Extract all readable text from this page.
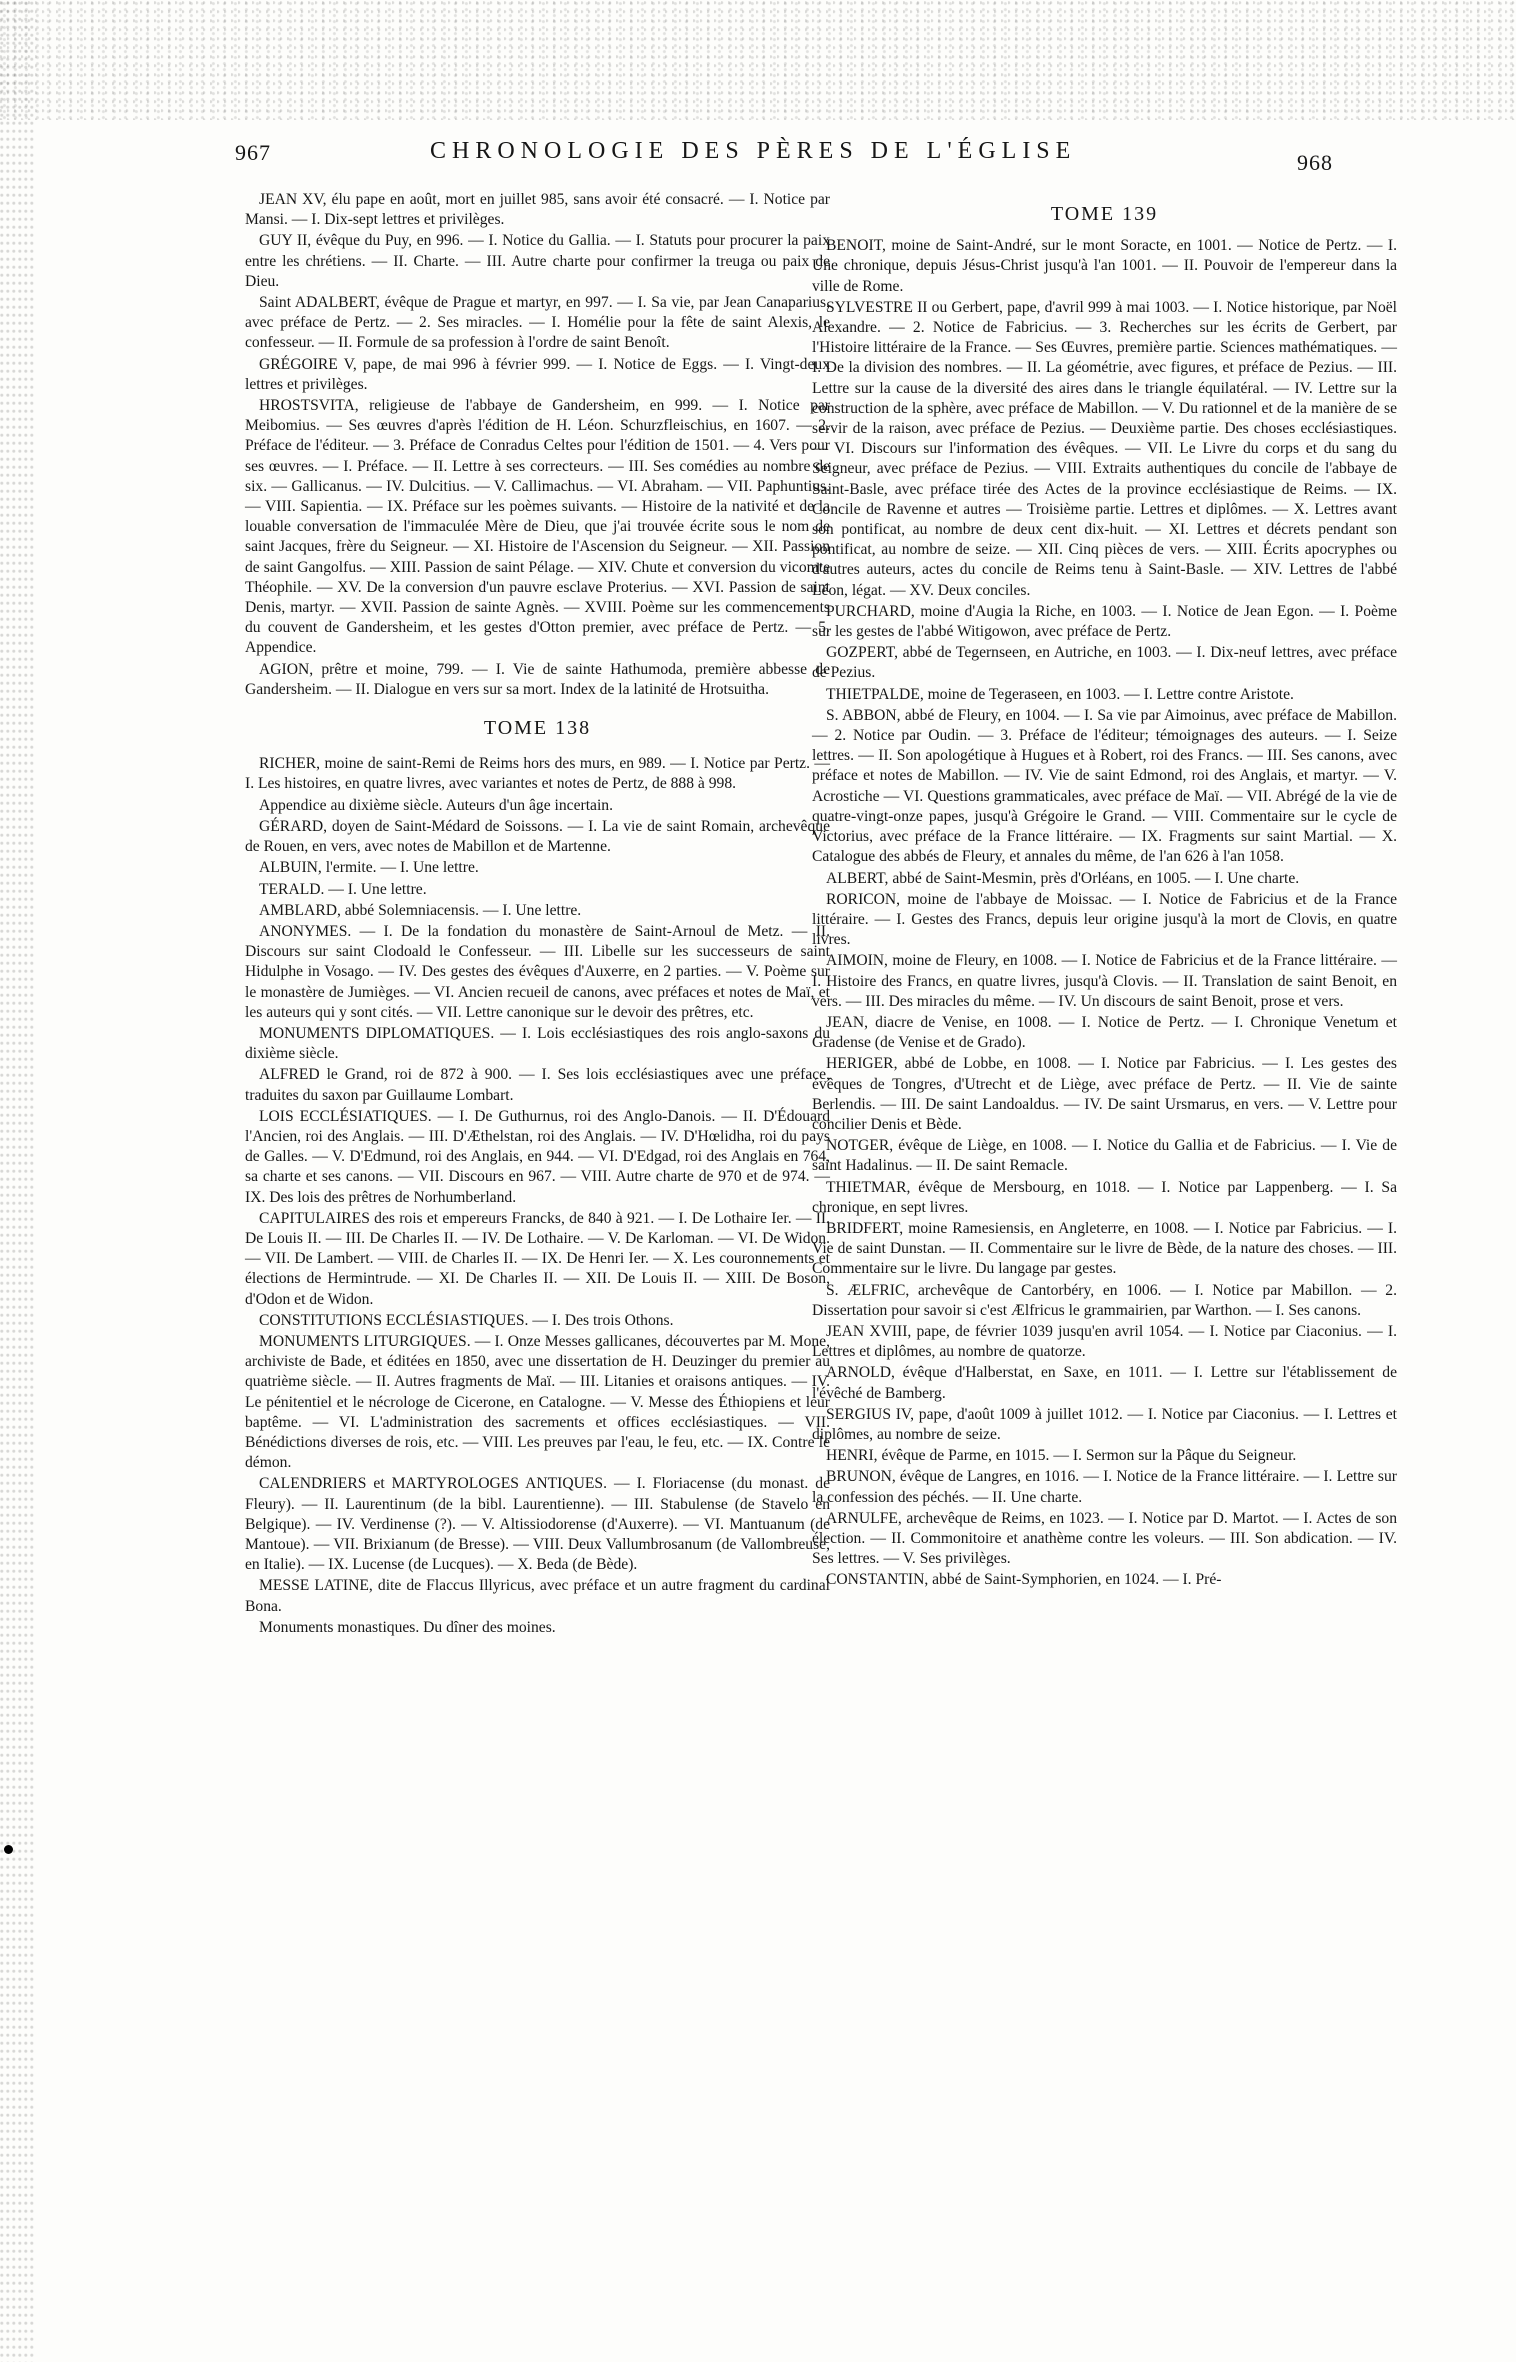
967	CHRONOLOGIE DES PÈRES DE L'ÉGLISE	968

JEAN XV, élu pape en août, mort en juillet 985, sans avoir été consacré. — I. Notice par Mansi. — I. Dix-sept lettres et privilèges.

GUY II, évêque du Puy, en 996. — I. Notice du Gallia. — I. Statuts pour procurer la paix entre les chrétiens. — II. Charte. — III. Autre charte pour confirmer la treuga ou paix de Dieu.

Saint ADALBERT, évêque de Prague et martyr, en 997. — I. Sa vie, par Jean Canaparius, avec préface de Pertz. — 2. Ses miracles. — I. Homélie pour la fête de saint Alexis, le confesseur. — II. Formule de sa profession à l'ordre de saint Benoît.

GRÉGOIRE V, pape, de mai 996 à février 999. — I. Notice de Eggs. — I. Vingt-deux lettres et privilèges.

HROSTSVITA, religieuse de l'abbaye de Gandersheim, en 999. — I. Notice par Meibomius. — Ses œuvres d'après l'édition de H. Léon. Schurzfleischius, en 1607. — 2. Préface de l'éditeur. — 3. Préface de Conradus Celtes pour l'édition de 1501. — 4. Vers pour ses œuvres. — I. Préface. — II. Lettre à ses correcteurs. — III. Ses comédies au nombre de six. — Gallicanus. — IV. Dulcitius. — V. Callimachus. — VI. Abraham. — VII. Paphuntius. — VIII. Sapientia. — IX. Préface sur les poèmes suivants. — Histoire de la nativité et de la louable conversation de l'immaculée Mère de Dieu, que j'ai trouvée écrite sous le nom de saint Jacques, frère du Seigneur. — XI. Histoire de l'Ascension du Seigneur. — XII. Passion de saint Gangolfus. — XIII. Passion de saint Pélage. — XIV. Chute et conversion du vicomte Théophile. — XV. De la conversion d'un pauvre esclave Proterius. — XVI. Passion de saint Denis, martyr. — XVII. Passion de sainte Agnès. — XVIII. Poème sur les commencements du couvent de Gandersheim, et les gestes d'Otton premier, avec préface de Pertz. — 5. Appendice.

AGION, prêtre et moine, 799. — I. Vie de sainte Hathumoda, première abbesse de Gandersheim. — II. Dialogue en vers sur sa mort. Index de la latinité de Hrotsuitha.

TOME 138

RICHER, moine de saint-Remi de Reims hors des murs, en 989. — I. Notice par Pertz. — I. Les histoires, en quatre livres, avec variantes et notes de Pertz, de 888 à 998.

Appendice au dixième siècle. Auteurs d'un âge incertain.

GÉRARD, doyen de Saint-Médard de Soissons. — I. La vie de saint Romain, archevêque de Rouen, en vers, avec notes de Mabillon et de Martenne.

ALBUIN, l'ermite. — I. Une lettre.

TERALD. — I. Une lettre.

AMBLARD, abbé Solemniacensis. — I. Une lettre.

ANONYMES. — I. De la fondation du monastère de Saint-Arnoul de Metz. — II. Discours sur saint Clodoald le Confesseur. — III. Libelle sur les successeurs de saint Hidulphe in Vosago. — IV. Des gestes des évêques d'Auxerre, en 2 parties. — V. Poème sur le monastère de Jumièges. — VI. Ancien recueil de canons, avec préfaces et notes de Maï, et les auteurs qui y sont cités. — VII. Lettre canonique sur le devoir des prêtres, etc.

MONUMENTS DIPLOMATIQUES. — I. Lois ecclésiastiques des rois anglo-saxons du dixième siècle.

ALFRED le Grand, roi de 872 à 900. — I. Ses lois ecclésiastiques avec une préface, traduites du saxon par Guillaume Lombart.

LOIS ECCLÉSIATIQUES. — I. De Guthurnus, roi des Anglo-Danois. — II. D'Édouard l'Ancien, roi des Anglais. — III. D'Æthelstan, roi des Anglais. — IV. D'Hœlidha, roi du pays de Galles. — V. D'Edmund, roi des Anglais, en 944. — VI. D'Edgad, roi des Anglais en 764, sa charte et ses canons. — VII. Discours en 967. — VIII. Autre charte de 970 et de 974. — IX. Des lois des prêtres de Norhumberland.

CAPITULAIRES des rois et empereurs Francks, de 840 à 921. — I. De Lothaire Ier. — II. De Louis II. — III. De Charles II. — IV. De Lothaire. — V. De Karloman. — VI. De Widon. — VII. De Lambert. — VIII. de Charles II. — IX. De Henri Ier. — X. Les couronnements et élections de Hermintrude. — XI. De Charles II. — XII. De Louis II. — XIII. De Boson, d'Odon et de Widon.

CONSTITUTIONS ECCLÉSIASTIQUES. — I. Des trois Othons.

MONUMENTS LITURGIQUES. — I. Onze Messes gallicanes, découvertes par M. Mone, archiviste de Bade, et éditées en 1850, avec une dissertation de H. Deuzinger du premier au quatrième siècle. — II. Autres fragments de Maï. — III. Litanies et oraisons antiques. — IV. Le pénitentiel et le nécrologe de Cicerone, en Catalogne. — V. Messe des Éthiopiens et leur baptême. — VI. L'administration des sacrements et offices ecclésiastiques. — VII. Bénédictions diverses de rois, etc. — VIII. Les preuves par l'eau, le feu, etc. — IX. Contre le démon.

CALENDRIERS et MARTYROLOGES ANTIQUES. — I. Floriacense (du monast. de Fleury). — II. Laurentinum (de la bibl. Laurentienne). — III. Stabulense (de Stavelo en Belgique). — IV. Verdinense (?). — V. Altissiodorense (d'Auxerre). — VI. Mantuanum (de Mantoue). — VII. Brixianum (de Bresse). — VIII. Deux Vallumbrosanum (de Vallombreuse, en Italie). — IX. Lucense (de Lucques). — X. Beda (de Bède).

MESSE LATINE, dite de Flaccus Illyricus, avec préface et un autre fragment du cardinal Bona.

Monuments monastiques. Du dîner des moines.

TOME 139

BENOIT, moine de Saint-André, sur le mont Soracte, en 1001. — Notice de Pertz. — I. Une chronique, depuis Jésus-Christ jusqu'à l'an 1001. — II. Pouvoir de l'empereur dans la ville de Rome.

SYLVESTRE II ou Gerbert, pape, d'avril 999 à mai 1003. — I. Notice historique, par Noël Alexandre. — 2. Notice de Fabricius. — 3. Recherches sur les écrits de Gerbert, par l'Histoire littéraire de la France. — Ses Œuvres, première partie. Sciences mathématiques. — I. De la division des nombres. — II. La géométrie, avec figures, et préface de Pezius. — III. Lettre sur la cause de la diversité des aires dans le triangle équilatéral. — IV. Lettre sur la construction de la sphère, avec préface de Mabillon. — V. Du rationnel et de la manière de se servir de la raison, avec préface de Pezius. — Deuxième partie. Des choses ecclésiastiques. — VI. Discours sur l'information des évêques. — VII. Le Livre du corps et du sang du Seigneur, avec préface de Pezius. — VIII. Extraits authentiques du concile de l'abbaye de Saint-Basle, avec préface tirée des Actes de la province ecclésiastique de Reims. — IX. Concile de Ravenne et autres — Troisième partie. Lettres et diplômes. — X. Lettres avant son pontificat, au nombre de deux cent dix-huit. — XI. Lettres et décrets pendant son pontificat, au nombre de seize. — XII. Cinq pièces de vers. — XIII. Écrits apocryphes ou d'autres auteurs, actes du concile de Reims tenu à Saint-Basle. — XIV. Lettres de l'abbé Léon, légat. — XV. Deux conciles.

PURCHARD, moine d'Augia la Riche, en 1003. — I. Notice de Jean Egon. — I. Poème sur les gestes de l'abbé Witigowon, avec préface de Pertz.

GOZPERT, abbé de Tegernseen, en Autriche, en 1003. — I. Dix-neuf lettres, avec préface de Pezius.

THIETPALDE, moine de Tegeraseen, en 1003. — I. Lettre contre Aristote.

S. ABBON, abbé de Fleury, en 1004. — I. Sa vie par Aimoinus, avec préface de Mabillon. — 2. Notice par Oudin. — 3. Préface de l'éditeur; témoignages des auteurs. — I. Seize lettres. — II. Son apologétique à Hugues et à Robert, roi des Francs. — III. Ses canons, avec préface et notes de Mabillon. — IV. Vie de saint Edmond, roi des Anglais, et martyr. — V. Acrostiche — VI. Questions grammaticales, avec préface de Maï. — VII. Abrégé de la vie de quatre-vingt-onze papes, jusqu'à Grégoire le Grand. — VIII. Commentaire sur le cycle de Victorius, avec préface de la France littéraire. — IX. Fragments sur saint Martial. — X. Catalogue des abbés de Fleury, et annales du même, de l'an 626 à l'an 1058.

ALBERT, abbé de Saint-Mesmin, près d'Orléans, en 1005. — I. Une charte.

RORICON, moine de l'abbaye de Moissac. — I. Notice de Fabricius et de la France littéraire. — I. Gestes des Francs, depuis leur origine jusqu'à la mort de Clovis, en quatre livres.

AIMOIN, moine de Fleury, en 1008. — I. Notice de Fabricius et de la France littéraire. — I. Histoire des Francs, en quatre livres, jusqu'à Clovis. — II. Translation de saint Benoit, en vers. — III. Des miracles du même. — IV. Un discours de saint Benoit, prose et vers.

JEAN, diacre de Venise, en 1008. — I. Notice de Pertz. — I. Chronique Venetum et Gradense (de Venise et de Grado).

HERIGER, abbé de Lobbe, en 1008. — I. Notice par Fabricius. — I. Les gestes des évêques de Tongres, d'Utrecht et de Liège, avec préface de Pertz. — II. Vie de sainte Berlendis. — III. De saint Landoaldus. — IV. De saint Ursmarus, en vers. — V. Lettre pour concilier Denis et Bède.

NOTGER, évêque de Liège, en 1008. — I. Notice du Gallia et de Fabricius. — I. Vie de saint Hadalinus. — II. De saint Remacle.

THIETMAR, évêque de Mersbourg, en 1018. — I. Notice par Lappenberg. — I. Sa chronique, en sept livres.

BRIDFERT, moine Ramesiensis, en Angleterre, en 1008. — I. Notice par Fabricius. — I. Vie de saint Dunstan. — II. Commentaire sur le livre de Bède, de la nature des choses. — III. Commentaire sur le livre. Du langage par gestes.

S. ÆLFRIC, archevêque de Cantorbéry, en 1006. — I. Notice par Mabillon. — 2. Dissertation pour savoir si c'est Ælfricus le grammairien, par Warthon. — I. Ses canons.

JEAN XVIII, pape, de février 1039 jusqu'en avril 1054. — I. Notice par Ciaconius. — I. Lettres et diplômes, au nombre de quatorze.

ARNOLD, évêque d'Halberstat, en Saxe, en 1011. — I. Lettre sur l'établissement de l'évêché de Bamberg.

SERGIUS IV, pape, d'août 1009 à juillet 1012. — I. Notice par Ciaconius. — I. Lettres et diplômes, au nombre de seize.

HENRI, évêque de Parme, en 1015. — I. Sermon sur la Pâque du Seigneur.

BRUNON, évêque de Langres, en 1016. — I. Notice de la France littéraire. — I. Lettre sur la confession des péchés. — II. Une charte.

ARNULFE, archevêque de Reims, en 1023. — I. Notice par D. Martot. — I. Actes de son élection. — II. Commonitoire et anathème contre les voleurs. — III. Son abdication. — IV. Ses lettres. — V. Ses privilèges.

CONSTANTIN, abbé de Saint-Symphorien, en 1024. — I. Pré-
